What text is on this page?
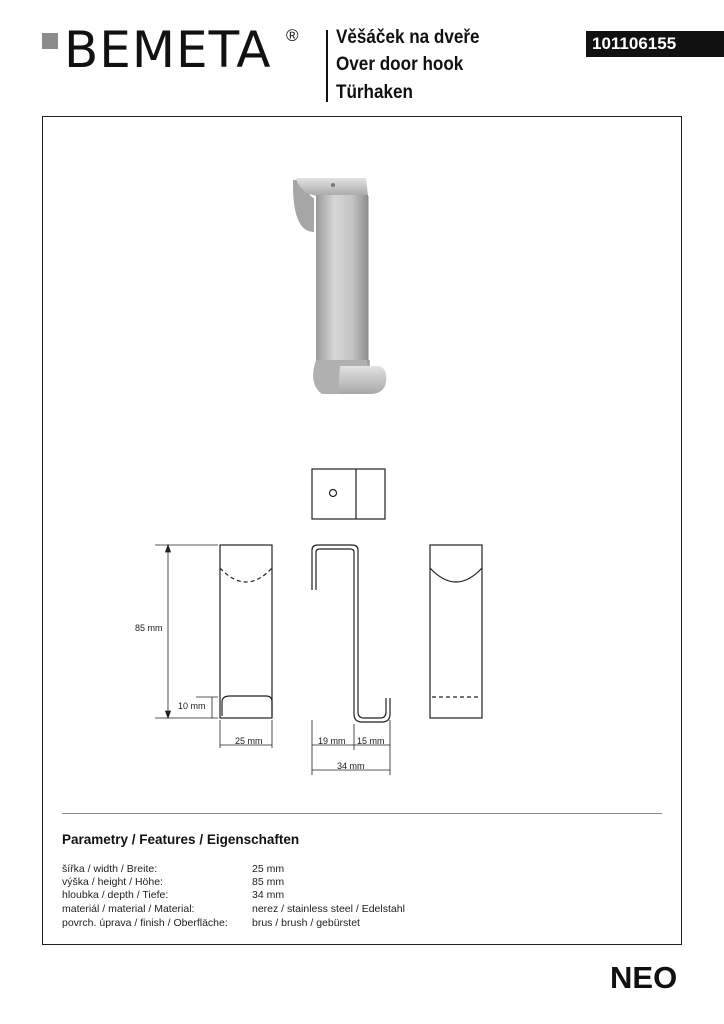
BEMETA ® Věšáček na dveře
Over door hook
Türhaken
101106155
85 mm
10 mm
25 mm	19 mm 15 mm
34 mm
Parametry / Features / Eigenschaften
šířka / width / Breite:	25 mm
výška / height / Höhe:	85 mm
hloubka / depth / Tiefe:	34 mm
materiál / material / Material:	nerez / stainless steel / Edelstahl
povrch. úprava / finish / Oberfläche: brus / brush / gebürstet
NEO
